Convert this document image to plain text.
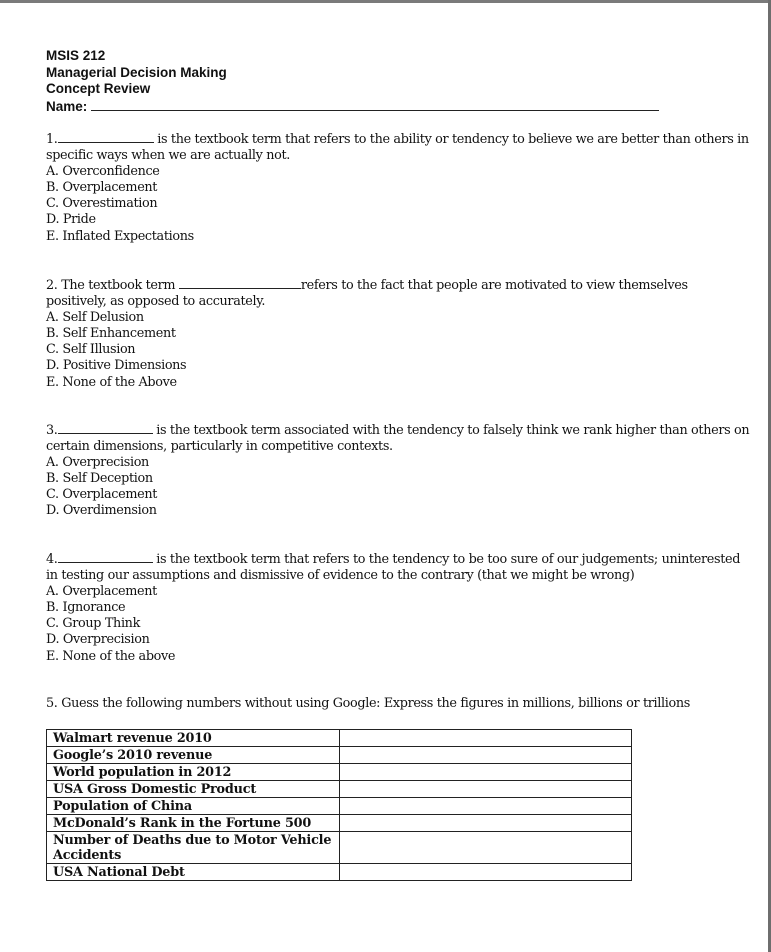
MSIS 212
Managerial Decision Making
Concept Review
Name:
1.	is the textbook term that refers to the ability or tendency to believe we are better than others in
specific ways when we are actually not.
A. Overconfidence
B. Overplacement
C. Overestimation
D. Pride
E. Inflated Expectations
2. The textbook term	refers to the fact that people are motivated to view themselves
positively, as opposed to accurately.
A. Self Delusion
B. Self Enhancement
C. Self Illusion
D. Positive Dimensions
E. None of the Above
3.	is the textbook term associated with the tendency to falsely think we rank higher than others on
certain dimensions, particularly in competitive contexts.
A. Overprecision
B. Self Deception
C. Overplacement
D. Overdimension
4.	is the textbook term that refers to the tendency to be too sure of our judgements; uninterested
in testing our assumptions and dismissive of evidence to the contrary (that we might be wrong)
A. Overplacement
B. Ignorance
C. Group Think
D. Overprecision
E. None of the above
5. Guess the following numbers without using Google: Express the figures in millions, billions or trillions
Walmart revenue 2010	
Google’s 2010 revenue	
World population in 2012	
USA Gross Domestic Product	
Population of China	
McDonald’s Rank in the Fortune 500	
Number of Deaths due to Motor Vehicle Accidents	
USA National Debt	
